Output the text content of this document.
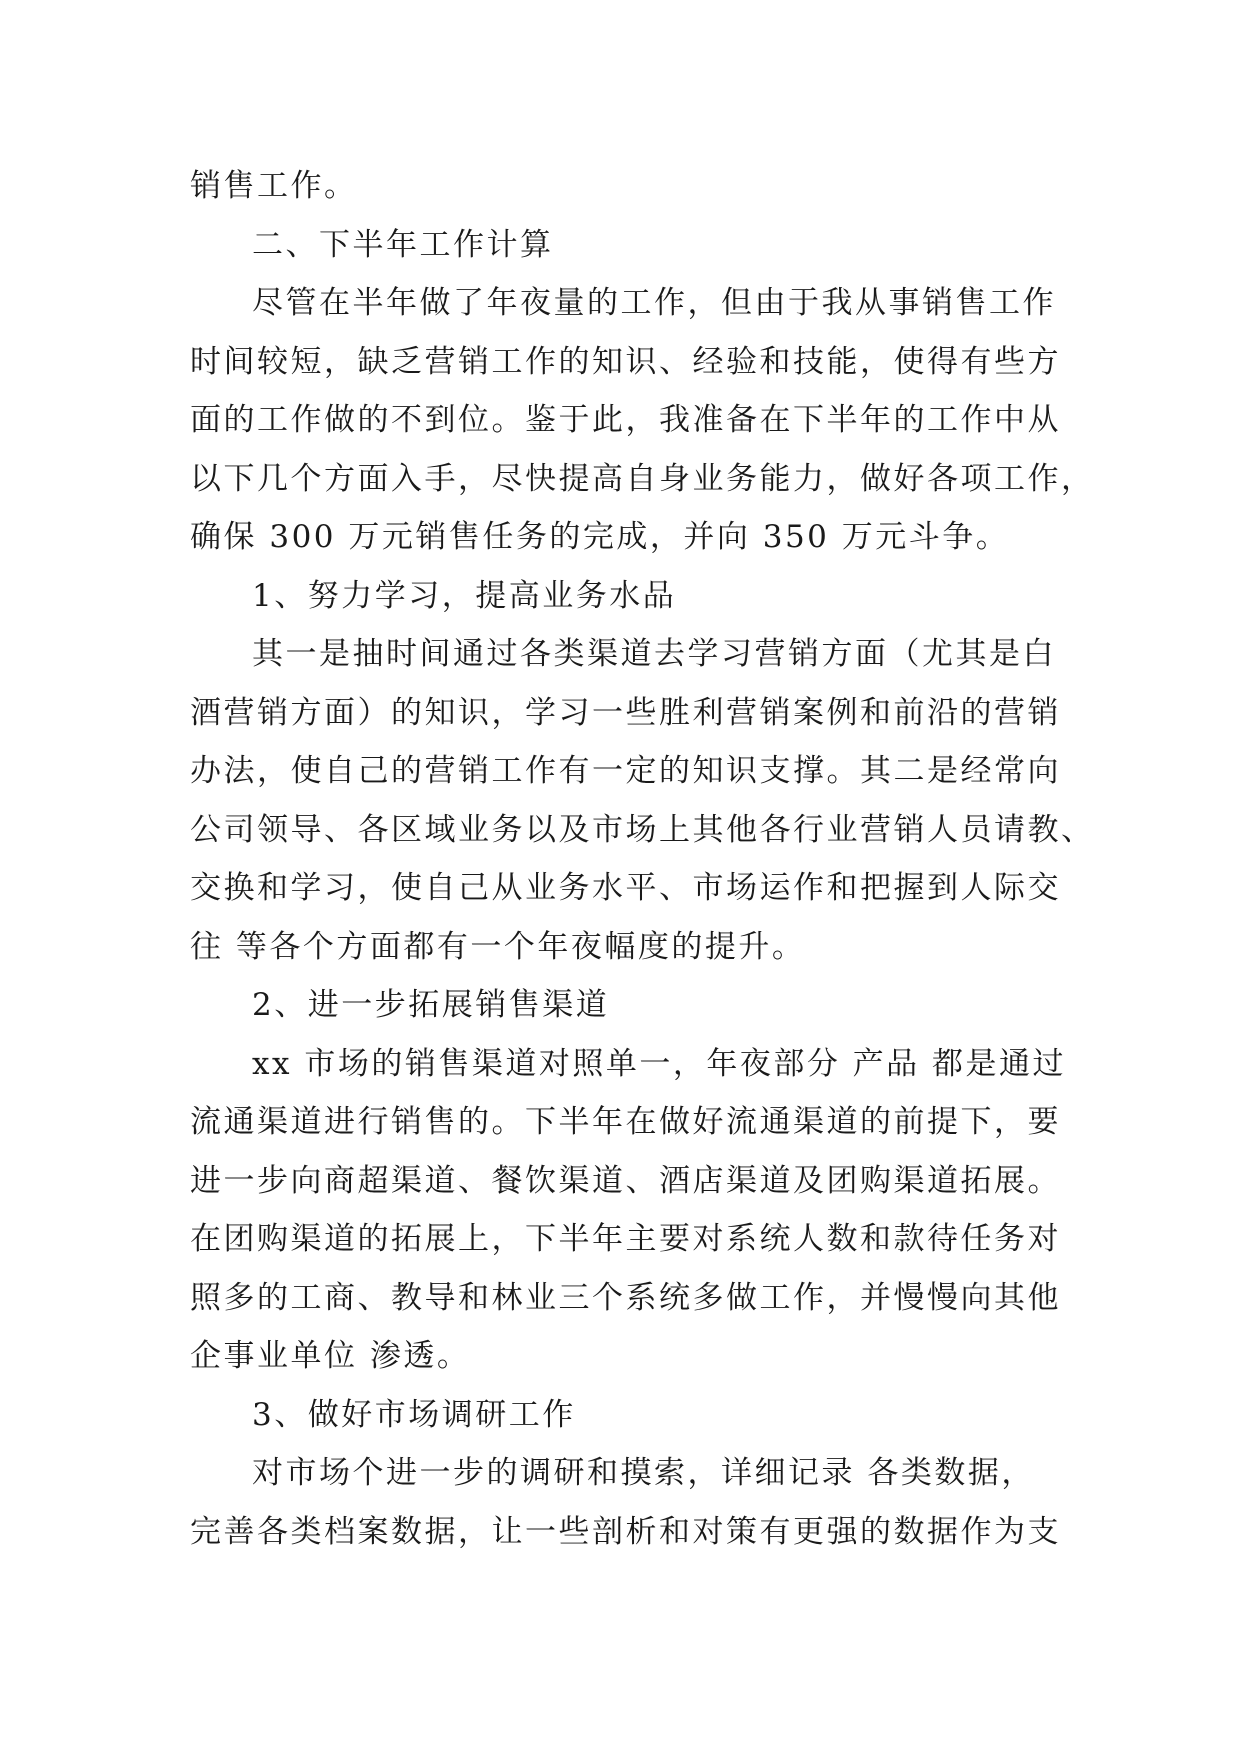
销售工作。
二、下半年工作计算
尽管在半年做了年夜量的工作，但由于我从事销售工作
时间较短，缺乏营销工作的知识、经验和技能，使得有些方
面的工作做的不到位。鉴于此，我准备在下半年的工作中从
以下几个方面入手，尽快提高自身业务能力，做好各项工作，
确保 300 万元销售任务的完成，并向 350 万元斗争。
1、努力学习，提高业务水品
其一是抽时间通过各类渠道去学习营销方面（尤其是白
酒营销方面）的知识，学习一些胜利营销案例和前沿的营销
办法，使自己的营销工作有一定的知识支撑。其二是经常向
公司领导、各区域业务以及市场上其他各行业营销人员请教、
交换和学习，使自己从业务水平、市场运作和把握到人际交
往 等各个方面都有一个年夜幅度的提升。
2、进一步拓展销售渠道
xx 市场的销售渠道对照单一，年夜部分 产品 都是通过
流通渠道进行销售的。下半年在做好流通渠道的前提下，要
进一步向商超渠道、餐饮渠道、酒店渠道及团购渠道拓展。
在团购渠道的拓展上，下半年主要对系统人数和款待任务对
照多的工商、教导和林业三个系统多做工作，并慢慢向其他
企事业单位 渗透。
3、做好市场调研工作
对市场个进一步的调研和摸索，详细记录 各类数据，
完善各类档案数据，让一些剖析和对策有更强的数据作为支
